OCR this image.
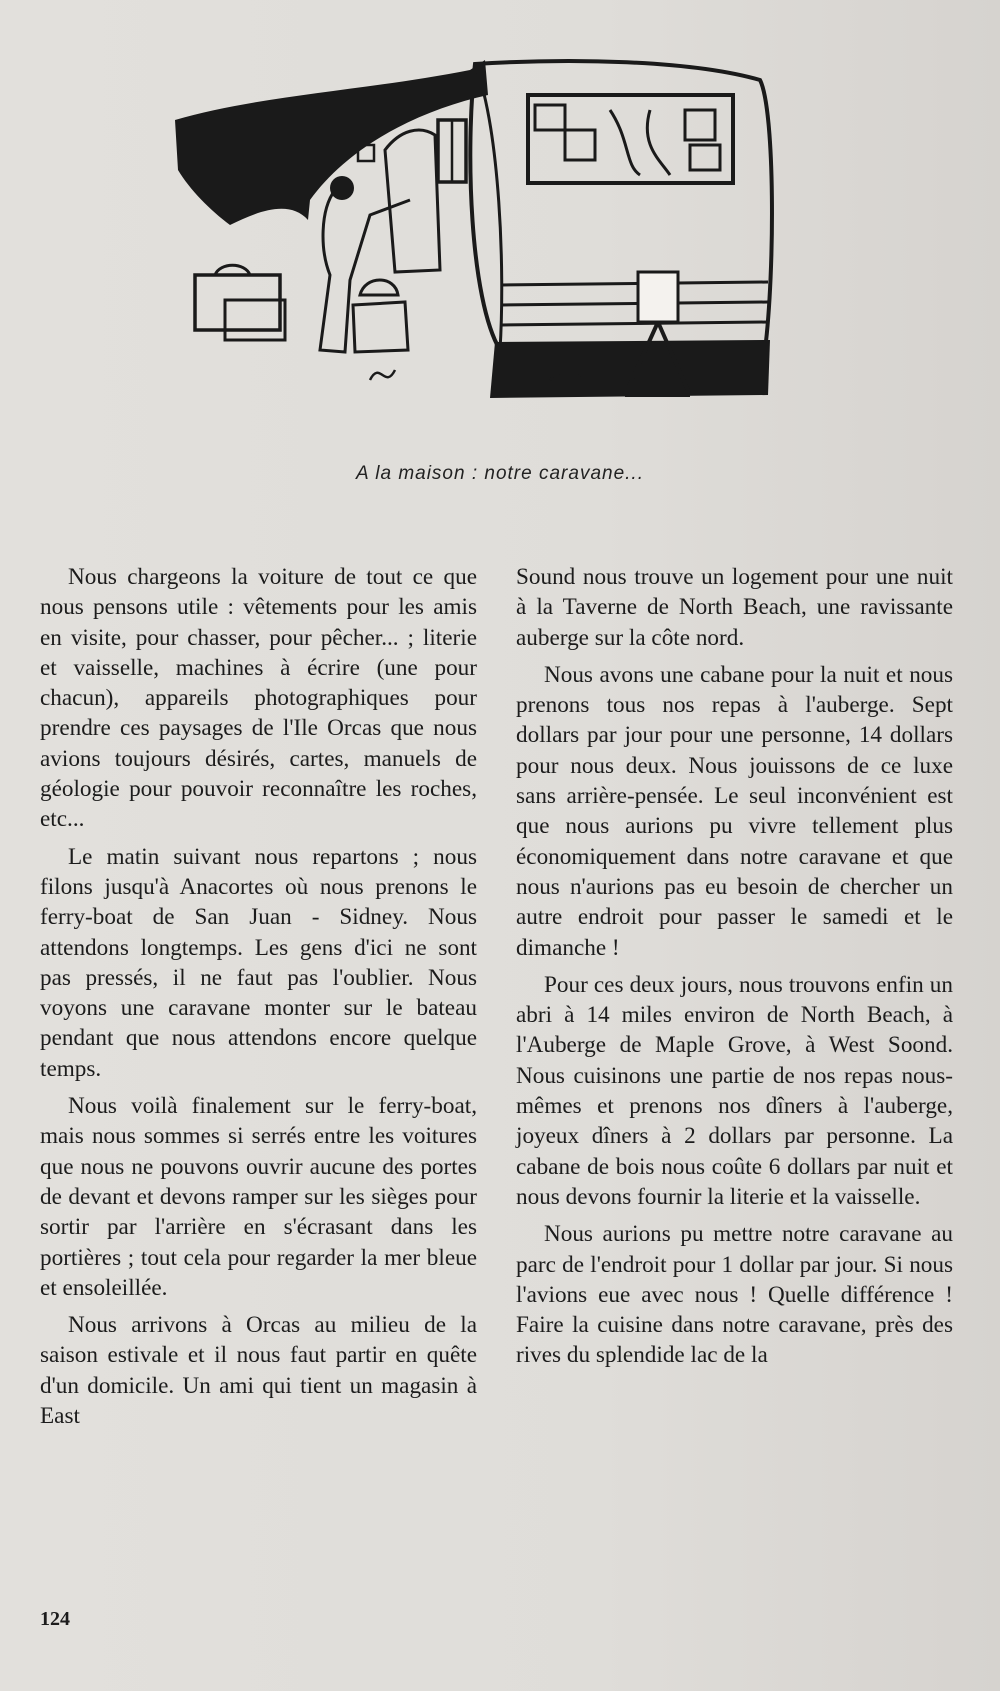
A la maison : notre caravane...

Nous chargeons la voiture de tout ce que nous pensons utile : vêtements pour les amis en visite, pour chasser, pour pêcher... ; literie et vaisselle, machines à écrire (une pour chacun), appareils photographiques pour prendre ces paysages de l'Ile Orcas que nous avions toujours désirés, cartes, manuels de géologie pour pouvoir reconnaître les roches, etc...

Le matin suivant nous repartons ; nous filons jusqu'à Anacortes où nous prenons le ferry-boat de San Juan - Sidney. Nous attendons longtemps. Les gens d'ici ne sont pas pressés, il ne faut pas l'oublier. Nous voyons une caravane monter sur le bateau pendant que nous attendons encore quelque temps.

Nous voilà finalement sur le ferry-boat, mais nous sommes si serrés entre les voitures que nous ne pouvons ouvrir aucune des portes de devant et devons ramper sur les sièges pour sortir par l'arrière en s'écrasant dans les portières ; tout cela pour regarder la mer bleue et ensoleillée.

Nous arrivons à Orcas au milieu de la saison estivale et il nous faut partir en quête d'un domicile. Un ami qui tient un magasin à East

Sound nous trouve un logement pour une nuit à la Taverne de North Beach, une ravissante auberge sur la côte nord.

Nous avons une cabane pour la nuit et nous prenons tous nos repas à l'auberge. Sept dollars par jour pour une personne, 14 dollars pour nous deux. Nous jouissons de ce luxe sans arrière-pensée. Le seul inconvénient est que nous aurions pu vivre tellement plus économiquement dans notre caravane et que nous n'aurions pas eu besoin de chercher un autre endroit pour passer le samedi et le dimanche !

Pour ces deux jours, nous trouvons enfin un abri à 14 miles environ de North Beach, à l'Auberge de Maple Grove, à West Soond. Nous cuisinons une partie de nos repas nous-mêmes et prenons nos dîners à l'auberge, joyeux dîners à 2 dollars par personne. La cabane de bois nous coûte 6 dollars par nuit et nous devons fournir la literie et la vaisselle.

Nous aurions pu mettre notre caravane au parc de l'endroit pour 1 dollar par jour. Si nous l'avions eue avec nous ! Quelle différence ! Faire la cuisine dans notre caravane, près des rives du splendide lac de la

124
